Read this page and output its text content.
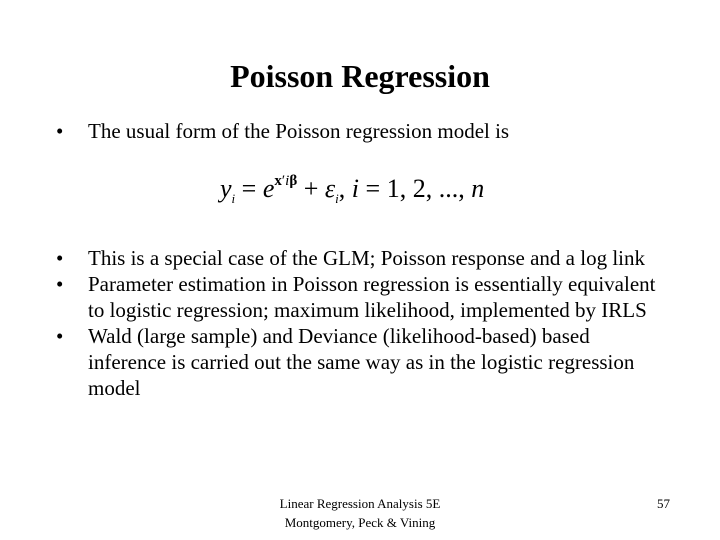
Poisson Regression
• The usual form of the Poisson regression model is
$y_i = e^{x'i\beta} + \varepsilon_i$, i = 1, 2, ..., n
• This is a special case of the GLM; Poisson response and a log link
• Parameter estimation in Poisson regression is essentially equivalent to logistic regression; maximum likelihood, implemented by IRLS
• Wald (large sample) and Deviance (likelihood-based) based inference is carried out the same way as in the logistic regression model
Linear Regression Analysis 5E
Montgomery, Peck & Vining
57
